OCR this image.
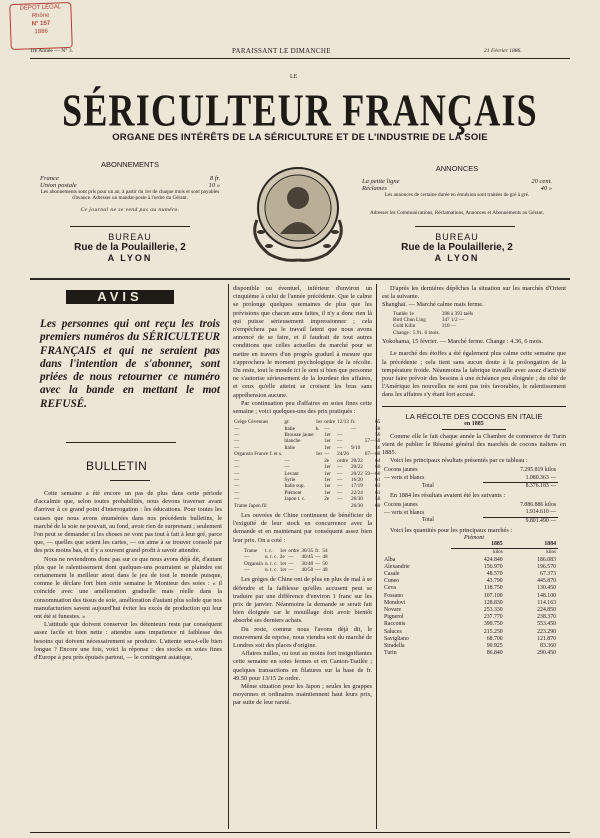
DÉPOT LÉGAL
Rhône
N° 157
1886
1re Année — N° 3.	PARAISSANT LE DIMANCHE	21 Février 1886.
LE
SÉRICULTEUR FRANÇAIS
ORGANE DES INTÉRÊTS DE LA SÉRICULTURE ET DE L'INDUSTRIE DE LA SOIE
ABONNEMENTS
France	8 fr.
Union postale	10 »
Les abonnements sont pris pour un an, à partir du 1er de chaque mois et sont payables d'avance. Adresser un mandat-poste à l'ordre du Gérant.
Ce journal ne se vend pas au numéro.
BUREAU
Rue de la Poulaillerie, 2
A LYON
ANNONCES
La petite ligne	20 cent.
Réclames	40 »
Les annonces de certaine durée en émulsion sont traitées de gré à gré.
Adresser les Communications, Réclamations, Annonces et Abonnements au Gérant.
BUREAU
Rue de la Poulaillerie, 2
A LYON
AVIS
Les personnes qui ont reçu les trois premiers numéros du SÉRICULTEUR FRANÇAIS et qui ne seraient pas dans l'intention de s'abonner, sont priées de nous retourner ce numéro avec la bande en mettant le mot REFUSÉ.
BULLETIN

Cette semaine a été encore un pas de plus dans cette période d'accalmie que, selon toutes probabilités, nous devons traverser avant d'arriver à ce grand point d'interrogation : les éducations. Pour toutes les causes que nous avons énumérées dans nos précédents bulletins, le marché de la soie ne pouvait, au fond, avoir rien de surprenant ; seulement l'on peut se demander si les choses ne vont pas tout à fait à leur gré, parce que, — quelles que soient les cartes, — on aime à se trouver consolé par des prix moins bas, et il y a souvent grand profit à savoir attendre.

Nous ne reviendrons donc pas sur ce que nous avons déjà dit, d'autant plus que le ralentissement dont quelques-uns pourraient se plaindre est certainement le meilleur atout dans le jeu de tout le monde puisque, comme le déclare fort bien cette semaine le Moniteur des soies : « il coïncide avec une amélioration graduelle mais réelle dans la consommation des tissus de soie, amélioration d'autant plus solide que nos manufacturiers savent aujourd'hui éviter les excès de production qui leur ont été si funestes. »

L'attitude que doivent conserver les détenteurs reste par conséquent assez facile et bien nette : attendre sans impatience ni faiblesse des besoins qui doivent nécessairement se produire. L'attente sera-t-elle bien longue ? Encore une fois, voici la réponse : des stocks en soies fines d'Europe à peu près épuisés partout, — le contingent asiatique,

disponible ou éventuel, inférieur d'environ un cinquième à celui de l'année précédente. Que le calme se prolonge quelques semaines de plus que les prévisions que chacun aura faites, il n'y a donc rien là qui puisse sérieusement impressionner ; cela n'empêchera pas le travail latent que nous avons annoncé de se faire, et il faudrait de tout autres conditions que celles actuelles du marché pour se mettre en travers d'un progrès graduel à mesure que s'approchera le moment psychologique de la récolte. Du reste, tout le monde ici le sent si bien que personne ne s'autorise sérieusement de la lourdeur des affaires, et ceux qu'elle atteint se croisent les bras sans appréhension aucune.

Par continuation peu d'affaires en soies fines cette semaine ; voici quelques-uns des prix pratiqués :

Grège Cévennes	gr.	1er	ordre	12/13	fr.	65
—	Italie	b.	—		—	58
—	Brousse jaune		1er	—		56
—	blanche		1er	—		57—58
—	Italie		1er	—	9/10	56
Organsin France f. et s.		1er	—	24/26		67—68
—	—		2e	ordre	20/22	64
—	—		1er	—	20/22	60
—	Levant		1er	—	20/22	59—60
—	Syrie		1er	—	16/20	61
—	Italie sup.		1er	—	17/19	63
—	Piémont		1er	—	22/24	61
—	Japon t. c.		2e	—	26/30	58
Trame Japon fil					26/30	60

Les ouvrées de Chine continuent de bénéficier de l'exiguïté de leur stock en concurrence avec la demande et en maintenant par conséquent assez bien leur prix. On a coté :

Trame	t. c.	1er	ordre	30/35	fr.	54
—	n. t. c.	2e	—	40/45	—	48
Organsin	n. t. c.	1er	—	30/40	—	50
—	n. t. c.	1er	—	40/50	—	48

Les grèges de Chine ont de plus en plus de mal à se défendre et la faiblesse qu'elles accusent peut se traduire par une différence d'environ 1 franc sur les prix de janvier. Néanmoins la demande se serait fait bien éloignée car le mouillage doit avoir bientôt absorbé ses derniers achats.

Du reste, comme nous l'avons déjà dit, le mouvement de reprise, nous viendra soit du marché de Londres soit des places d'origine.

Affaires nulles, ou tout au moins fort insignifiantes cette semaine en soies fermes et en Canton-Tsatlée ; quelques transactions en filatures sur la base de fr. 49.50 pour 13/15 2e ordre.

Même situation pour les Japon ; seules les grappes moyennes et ordinaires maintiennent haut leurs prix, par suite de leur rareté.

D'après les dernières dépêches la situation sur les marchés d'Orient est la suivante.

Shanghaï. — Marché calme mais ferme.

Tsatlée 1e	398 à 393 taëls
Bird Chun Ling	347 1/2 —
Gold Kilin	310 —
Change : 5.91. 6 mois.	

Yokohama, 15 février. — Marché ferme. Change : 4.36, 6 mois.

Le marché des étoffes a été également plus calme cette semaine que la précédente ; cela tient sans aucun doute à la prolongation de la température froide. Néanmoins la fabrique travaille avec assez d'activité pour faire prévoir des besoins à une échéance peu éloignée ; du côté de l'Amérique les nouvelles ne sont pas très favorables, le ralentissement dans les affaires s'y étant fort accusé.

LA RÉCOLTE DES COCONS EN ITALIE
en 1885

Comme elle le fait chaque année la Chambre de commerce de Turin vient de publier le Résumé général des marchés de cocons italiens en 1885.

Voici les principaux résultats présentés par ce tableau :

Cocons jaunes	7.295.819 kilos
— verts et blancs	1.080.363 —
Total	8.376.183 —

En 1884 les résultats avaient été les suivants :

Cocons jaunes	7.886.886 kilos
— verts et blancs	1.914.610 —
Total	9.801.490 —

Voici les quantités pour les principaux marchés :

Piémont
	1885	1884
	kilos	kilos
Alba	424.840	186.083
Alexandrie	156.970	196.570
Casale	48.570	67.373
Cuneo	43.790	445.870
Ceva	118.750	130.450
Fossano	107.100	148.100
Mondovi	128.830	114.163
Novare	253.330	224.850
Pignerol	237.770	238.370
Racconis	390.750	553.450
Saluces	215.250	223.290
Savigliano	68.700	121.870
Stradella	90.925	83.360
Turin	86.840	290.450
